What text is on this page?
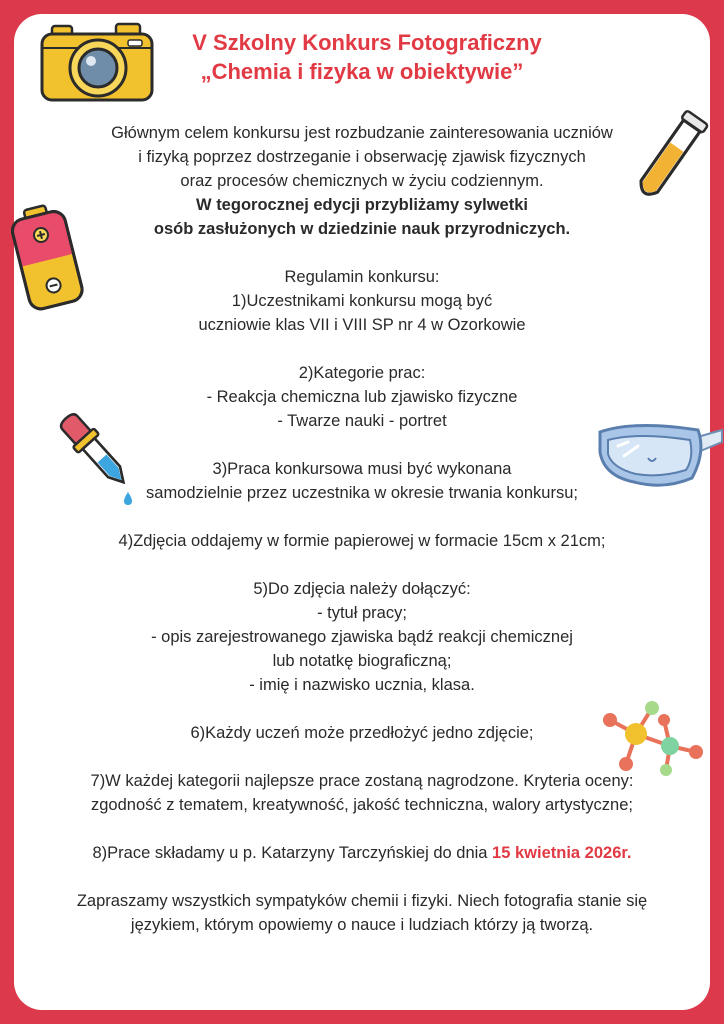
V Szkolny Konkurs Fotograficzny
„Chemia i fizyka w obiektywie”
Głównym celem konkursu jest rozbudzanie zainteresowania uczniów
i fizyką poprzez dostrzeganie i obserwację zjawisk fizycznych
oraz procesów chemicznych w życiu codziennym.
W tegorocznej edycji przybliżamy sylwetki
osób zasłużonych w dziedzinie nauk przyrodniczych.
Regulamin konkursu:
1)Uczestnikami konkursu mogą być
uczniowie klas VII i VIII SP nr 4 w Ozorkowie
2)Kategorie prac:
- Reakcja chemiczna lub zjawisko fizyczne
- Twarze nauki - portret
3)Praca konkursowa musi być wykonana
samodzielnie przez uczestnika w okresie trwania konkursu;
4)Zdjęcia oddajemy w formie papierowej w formacie 15cm x 21cm;
5)Do zdjęcia należy dołączyć:
- tytuł pracy;
- opis zarejestrowanego zjawiska bądź reakcji chemicznej
lub notatkę biograficzną;
- imię i nazwisko ucznia, klasa.
6)Każdy uczeń może przedłożyć jedno zdjęcie;
7)W każdej kategorii najlepsze prace zostaną nagrodzone. Kryteria oceny:
zgodność z tematem, kreatywność, jakość techniczna, walory artystyczne;
8)Prace składamy u p. Katarzyny Tarczyńskiej do dnia 15 kwietnia 2026r.
Zapraszamy wszystkich sympatyków chemii i fizyki. Niech fotografia stanie się
językiem, którym opowiemy o nauce i ludziach którzy ją tworzą.
